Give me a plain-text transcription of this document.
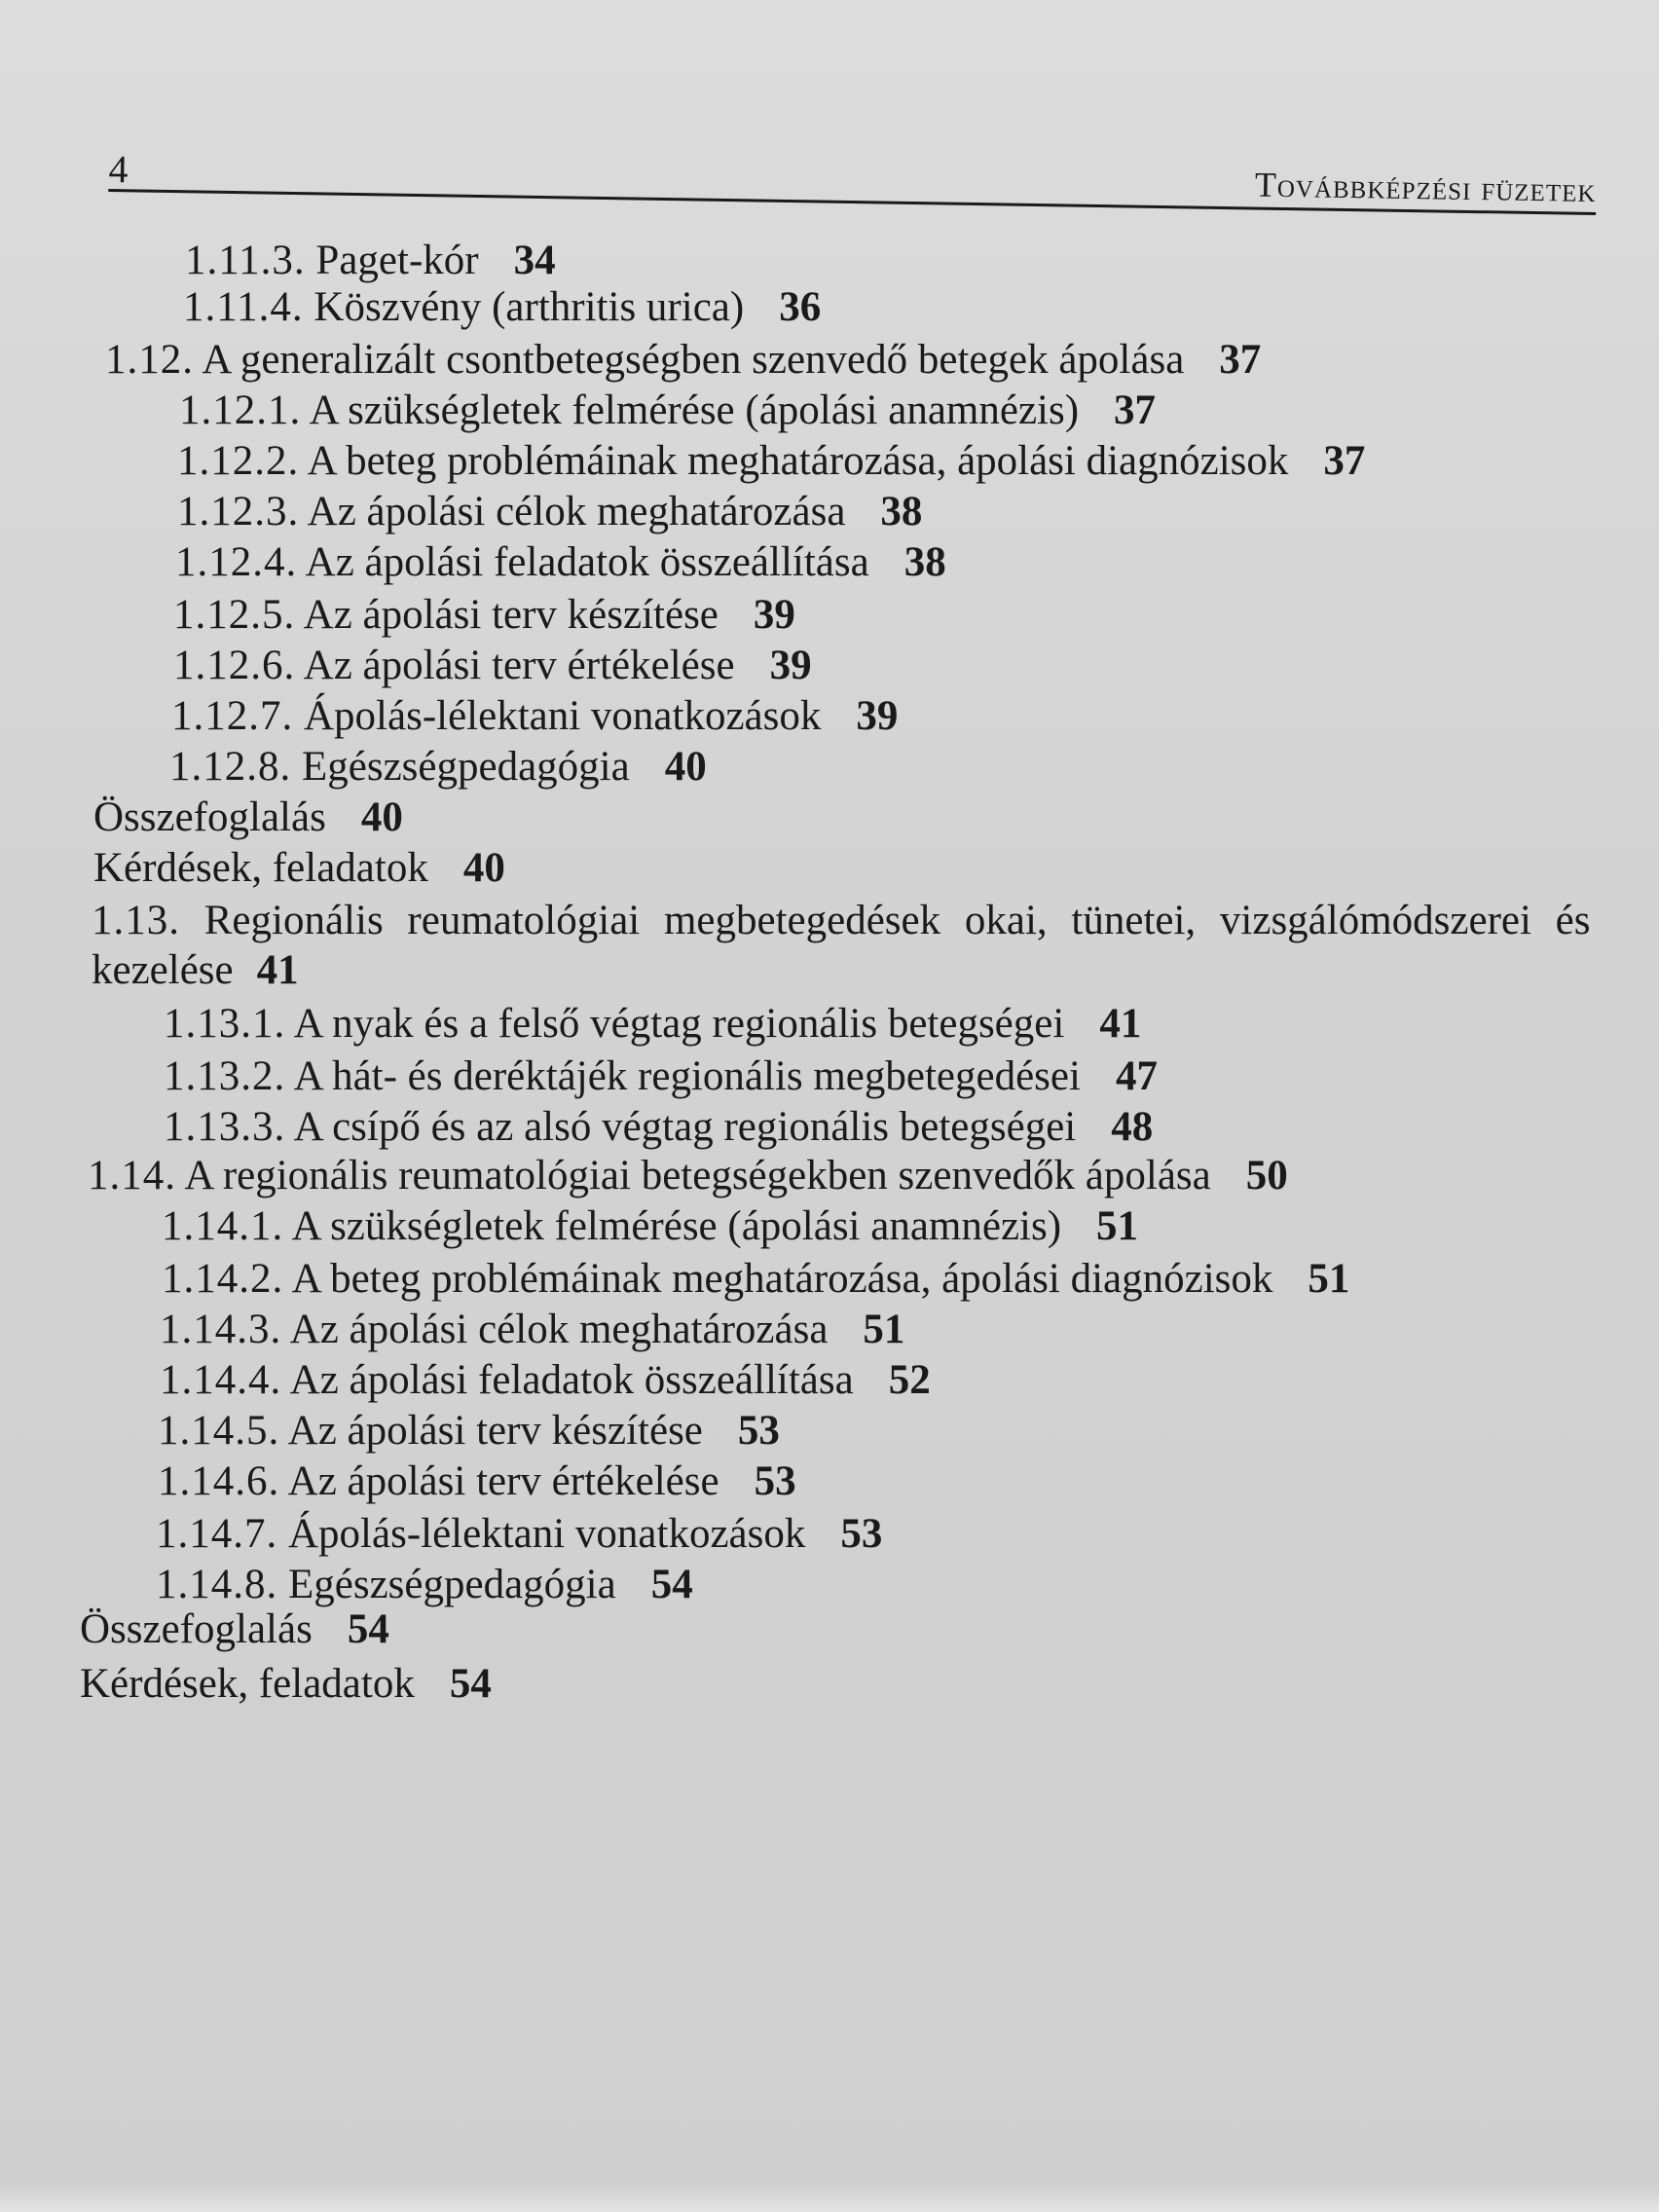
4	Továbbképzési füzetek
1.11.3. Paget-kór 34
1.11.4. Köszvény (arthritis urica) 36
1.12. A generalizált csontbetegségben szenvedő betegek ápolása 37
1.12.1. A szükségletek felmérése (ápolási anamnézis) 37
1.12.2. A beteg problémáinak meghatározása, ápolási diagnózisok 37
1.12.3. Az ápolási célok meghatározása 38
1.12.4. Az ápolási feladatok összeállítása 38
1.12.5. Az ápolási terv készítése 39
1.12.6. Az ápolási terv értékelése 39
1.12.7. Ápolás-lélektani vonatkozások 39
1.12.8. Egészségpedagógia 40
Összefoglalás 40
Kérdések, feladatok 40
1.13. Regionális reumatológiai megbetegedések okai, tünetei, vizsgálómódszerei és
kezelése 41
1.13.1. A nyak és a felső végtag regionális betegségei 41
1.13.2. A hát- és deréktájék regionális megbetegedései 47
1.13.3. A csípő és az alsó végtag regionális betegségei 48
1.14. A regionális reumatológiai betegségekben szenvedők ápolása 50
1.14.1. A szükségletek felmérése (ápolási anamnézis) 51
1.14.2. A beteg problémáinak meghatározása, ápolási diagnózisok 51
1.14.3. Az ápolási célok meghatározása 51
1.14.4. Az ápolási feladatok összeállítása 52
1.14.5. Az ápolási terv készítése 53
1.14.6. Az ápolási terv értékelése 53
1.14.7. Ápolás-lélektani vonatkozások 53
1.14.8. Egészségpedagógia 54
Összefoglalás 54
Kérdések, feladatok 54
